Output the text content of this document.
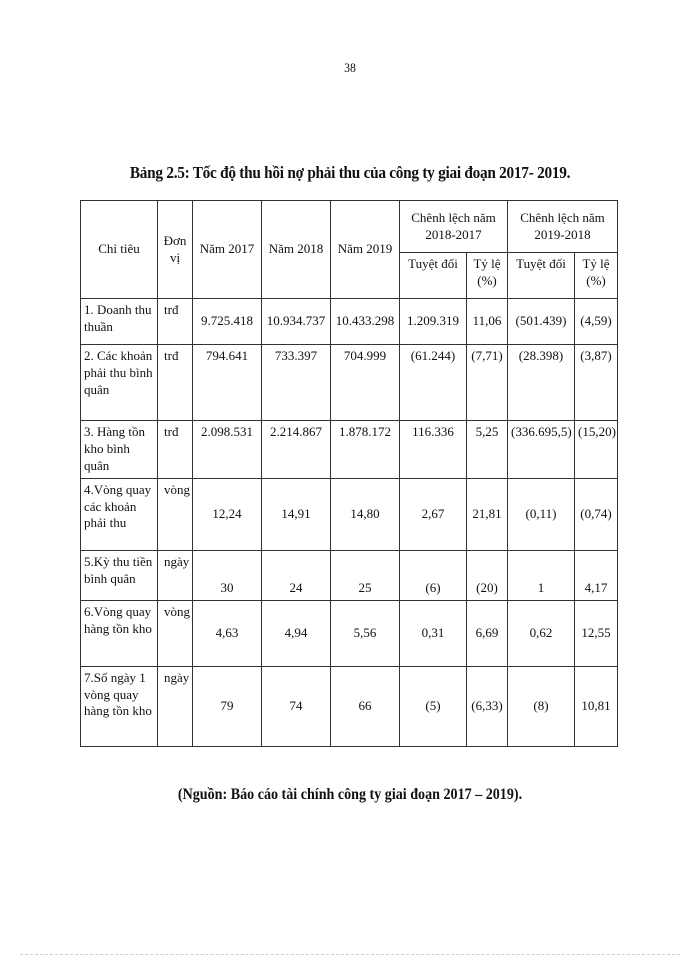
38
Bảng 2.5: Tốc độ thu hồi nợ phải thu của công ty giai đoạn 2017- 2019.
Chỉ tiêu	Đơn vị	Năm 2017	Năm 2018	Năm 2019	Chênh lệch năm 2018-2017		Chênh lệch năm 2019-2018	
					Tuyệt đối	Tỷ lệ (%)	Tuyệt đối	Tỷ lệ (%)
1. Doanh thu thuần	trđ	9.725.418	10.934.737	10.433.298	1.209.319	11,06	(501.439)	(4,59)
2. Các khoản phải thu bình quân	trđ	794.641	733.397	704.999	(61.244)	(7,71)	(28.398)	(3,87)
3. Hàng tồn kho bình quân	trđ	2.098.531	2.214.867	1.878.172	116.336	5,25	(336.695,5)	(15,20)
4.Vòng quay các khoản phải thu	vòng	12,24	14,91	14,80	2,67	21,81	(0,11)	(0,74)
5.Kỳ thu tiền bình quân	ngày	30	24	25	(6)	(20)	1	4,17
6.Vòng quay hàng tồn kho	vòng	4,63	4,94	5,56	0,31	6,69	0,62	12,55
7.Số ngày 1 vòng quay hàng tồn kho	ngày	79	74	66	(5)	(6,33)	(8)	10,81
(Nguồn: Báo cáo tài chính công ty giai đoạn 2017 – 2019).
